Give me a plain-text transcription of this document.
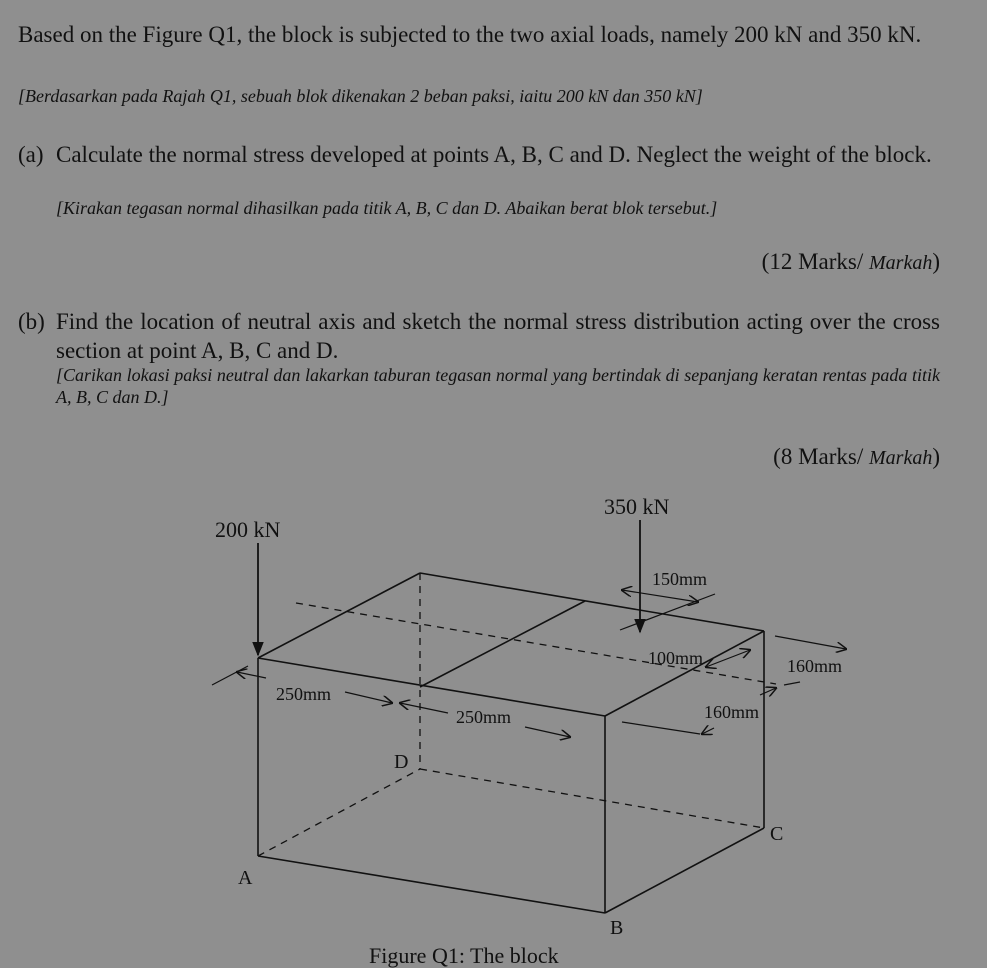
Based on the Figure Q1, the block is subjected to the two axial loads, namely 200 kN and 350 kN.

[Berdasarkan pada Rajah Q1, sebuah blok dikenakan 2 beban paksi, iaitu 200 kN dan 350 kN]

(a) Calculate the normal stress developed at points A, B, C and D. Neglect the weight of the block.

[Kirakan tegasan normal dihasilkan pada titik A, B, C dan D. Abaikan berat blok tersebut.]

(12 Marks/ Markah)

(b) Find the location of neutral axis and sketch the normal stress distribution acting over the cross section at point A, B, C and D.

[Carikan lokasi paksi neutral dan lakarkan taburan tegasan normal yang bertindak di sepanjang keratan rentas pada titik A, B, C dan D.]

(8 Marks/ Markah)

200 kN
350 kN
150mm
100mm	160mm
160mm
250mm
250mm
A
B
C
D
Figure Q1: The block
